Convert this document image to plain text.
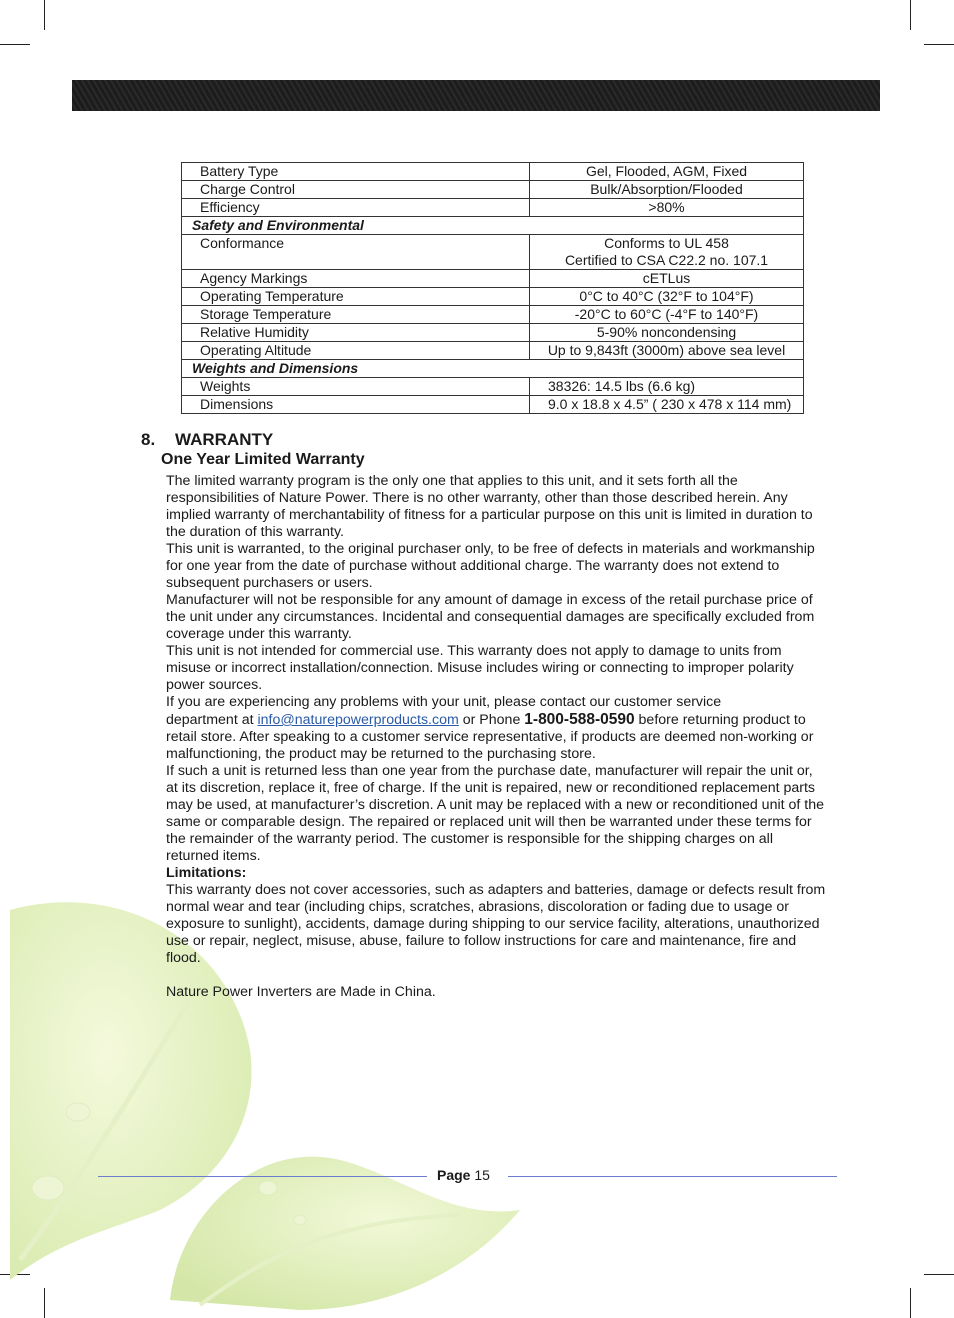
Battery Type	Gel, Flooded, AGM, Fixed
Charge Control	Bulk/Absorption/Flooded
Efficiency	>80%
Safety and Environmental	
Conformance	Conforms to UL 458
Certified to CSA C22.2 no. 107.1
Agency Markings	cETLus
Operating Temperature	0°C to 40°C (32°F to 104°F)
Storage Temperature	-20°C to 60°C (-4°F to 140°F)
Relative Humidity	5-90% noncondensing
Operating Altitude	Up to 9,843ft (3000m) above sea level
Weights and Dimensions	
Weights	38326: 14.5 lbs (6.6 kg)
Dimensions	9.0 x 18.8 x 4.5” ( 230 x 478 x 114 mm)
8. WARRANTY
One Year Limited Warranty

The limited warranty program is the only one that applies to this unit, and it sets forth all the responsibilities of Nature Power. There is no other warranty, other than those described herein. Any implied warranty of merchantability of fitness for a particular purpose on this unit is limited in duration to the duration of this warranty.

This unit is warranted, to the original purchaser only, to be free of defects in materials and workmanship for one year from the date of purchase without additional charge. The warranty does not extend to subsequent purchasers or users.

Manufacturer will not be responsible for any amount of damage in excess of the retail purchase price of the unit under any circumstances. Incidental and consequential damages are specifically excluded from coverage under this warranty.

This unit is not intended for commercial use. This warranty does not apply to damage to units from misuse or incorrect installation/connection. Misuse includes wiring or connecting to improper polarity power sources.

If you are experiencing any problems with your unit, please contact our customer service
department at info@naturepowerproducts.com or Phone 1-800-588-0590 before returning product to retail store. After speaking to a customer service representative, if products are deemed non-working or malfunctioning, the product may be returned to the purchasing store.

If such a unit is returned less than one year from the purchase date, manufacturer will repair the unit or, at its discretion, replace it, free of charge. If the unit is repaired, new or reconditioned replacement parts may be used, at manufacturer’s discretion. A unit may be replaced with a new or reconditioned unit of the same or comparable design. The repaired or replaced unit will then be warranted under these terms for the remainder of the warranty period. The customer is responsible for the shipping charges on all returned items.

Limitations:

This warranty does not cover accessories, such as adapters and batteries, damage or defects result from normal wear and tear (including chips, scratches, abrasions, discoloration or fading due to usage or exposure to sunlight), accidents, damage during shipping to our service facility, alterations, unauthorized use or repair, neglect, misuse, abuse, failure to follow instructions for care and maintenance, fire and flood.

Nature Power Inverters are Made in China.

Page 15
